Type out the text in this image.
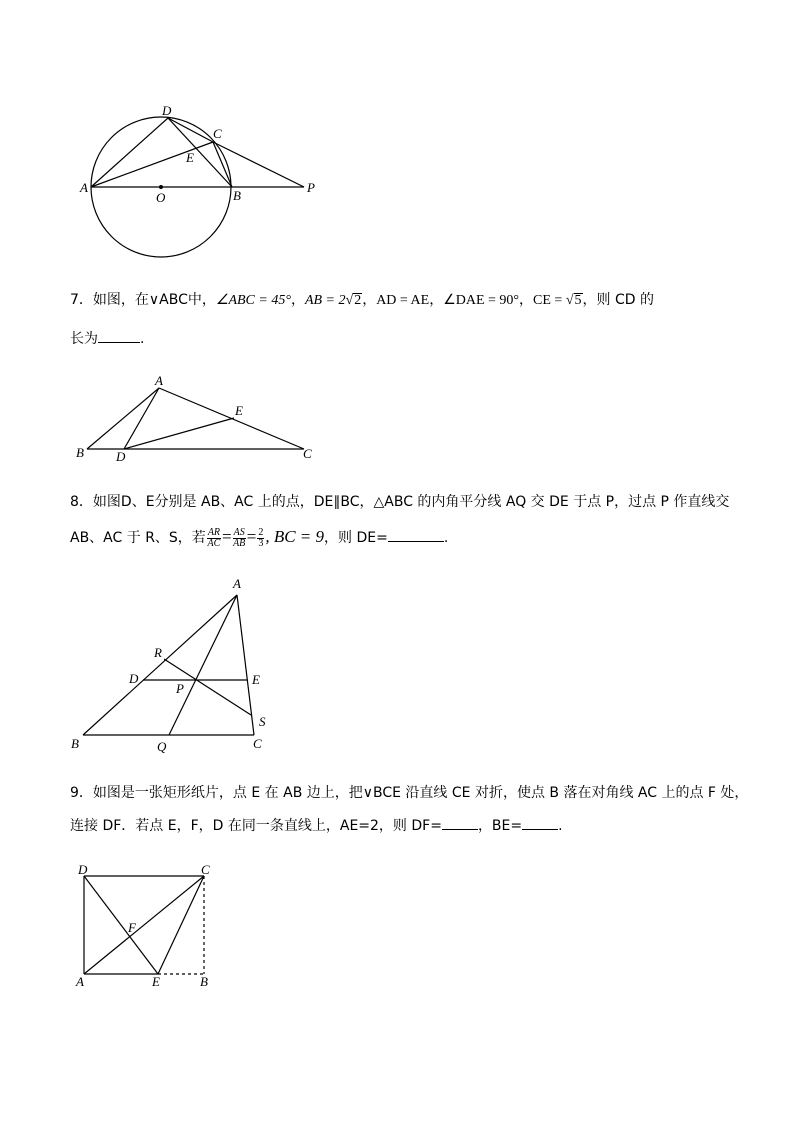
D
C
E
A
O	B
P
7．如图，在∨ABC中，∠ABC = 45°，AB = 2√2，AD = AE，∠DAE = 90°，CE = √5，则 CD 的
长为	.
A
E
B D	C
8．如图D、E分别是 AB、AC 上的点，DE∥BC，△ABC 的内角平分线 AQ 交 DE 于点 P，过点 P 作直线交
AB、AC 于 R、S，若 $\frac{AR}{AC} = \frac{AS}{AB} = \frac{2}{3}$ , BC = 9，则 DE=	.
A
R
D
P
E
S
B	Q	C
9．如图是一张矩形纸片，点 E 在 AB 边上，把∨BCE 沿直线 CE 对折，使点 B 落在对角线 AC 上的点 F 处，
连接 DF．若点 E，F，D 在同一条直线上，AE=2，则 DF=	，BE=	.
D	C
F
A	E	B
